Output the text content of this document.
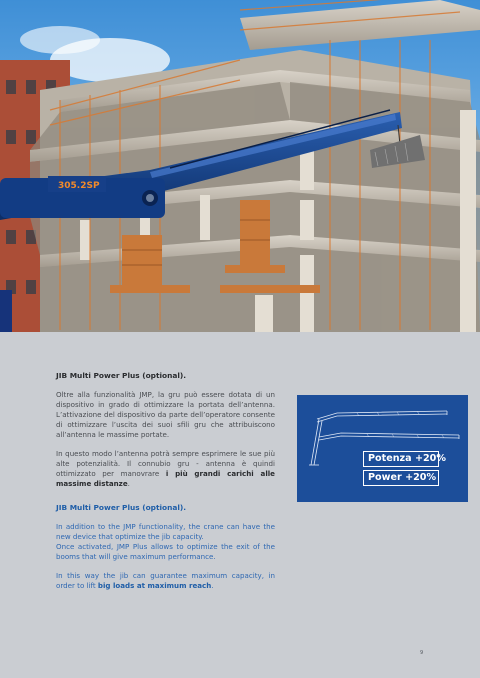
305.2SP

JIB Multi Power Plus (optional).

Oltre alla funzionalità JMP, la gru può essere dotata di un dispositivo in grado di ottimizzare la portata dell’antenna. L’attivazione del dispositivo da parte dell’operatore consente di ottimizzare l’uscita dei suoi sfili gru che attribuiscono all’antenna le massime portate.

In questo modo l’antenna potrà sempre esprimere le sue più alte potenzialità. Il connubio gru - antenna è quindi ottimizzato per manovrare i più grandi carichi alle massime distanze.

JIB Multi Power Plus (optional).

In addition to the JMP functionality, the crane can have the new device that optimize the jib capacity.

Once activated, JMP Plus allows to optimize the exit of the booms that will give maximum performance.

In this way the jib can guarantee maximum capacity, in order to lift big loads at maximum reach.

Potenza +20%
Power +20%
9
